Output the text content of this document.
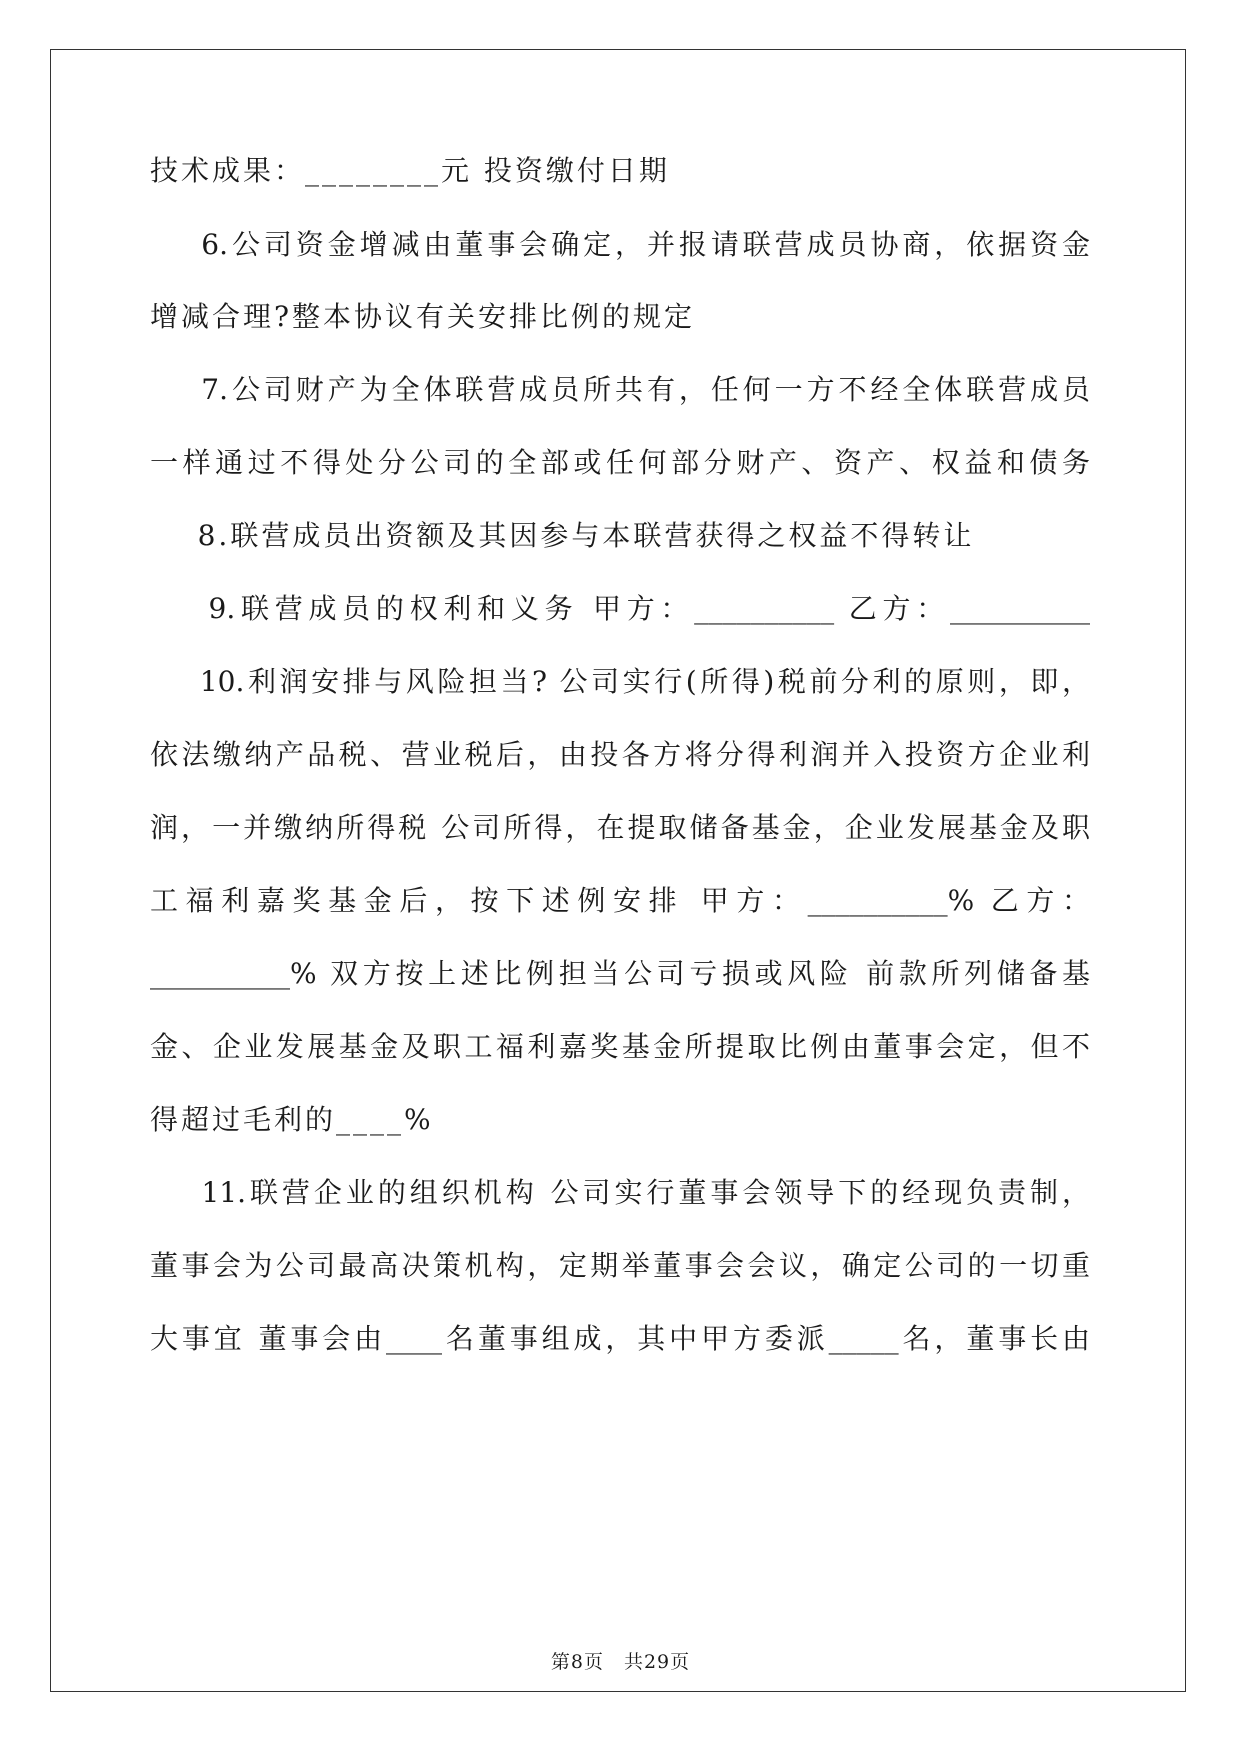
技术成果：________元 投资缴付日期
6.公司资金增减由董事会确定，并报请联营成员协商，依据资金
增减合理?整本协议有关安排比例的规定
7.公司财产为全体联营成员所共有，任何一方不经全体联营成员
一样通过不得处分公司的全部或任何部分财产、资产、权益和债务
8.联营成员出资额及其因参与本联营获得之权益不得转让
9.联营成员的权利和义务 甲方：__________ 乙方：__________
10.利润安排与风险担当? 公司实行(所得)税前分利的原则，即，
依法缴纳产品税、营业税后，由投各方将分得利润并入投资方企业利
润，一并缴纳所得税 公司所得，在提取储备基金，企业发展基金及职
工福利嘉奖基金后，按下述例安排 甲方：__________% 乙方：
__________% 双方按上述比例担当公司亏损或风险 前款所列储备基
金、企业发展基金及职工福利嘉奖基金所提取比例由董事会定，但不
得超过毛利的____%
11.联营企业的组织机构 公司实行董事会领导下的经现负责制，
董事会为公司最高决策机构，定期举董事会会议，确定公司的一切重
大事宜 董事会由____名董事组成，其中甲方委派_____名，董事长由
第8页　共29页
